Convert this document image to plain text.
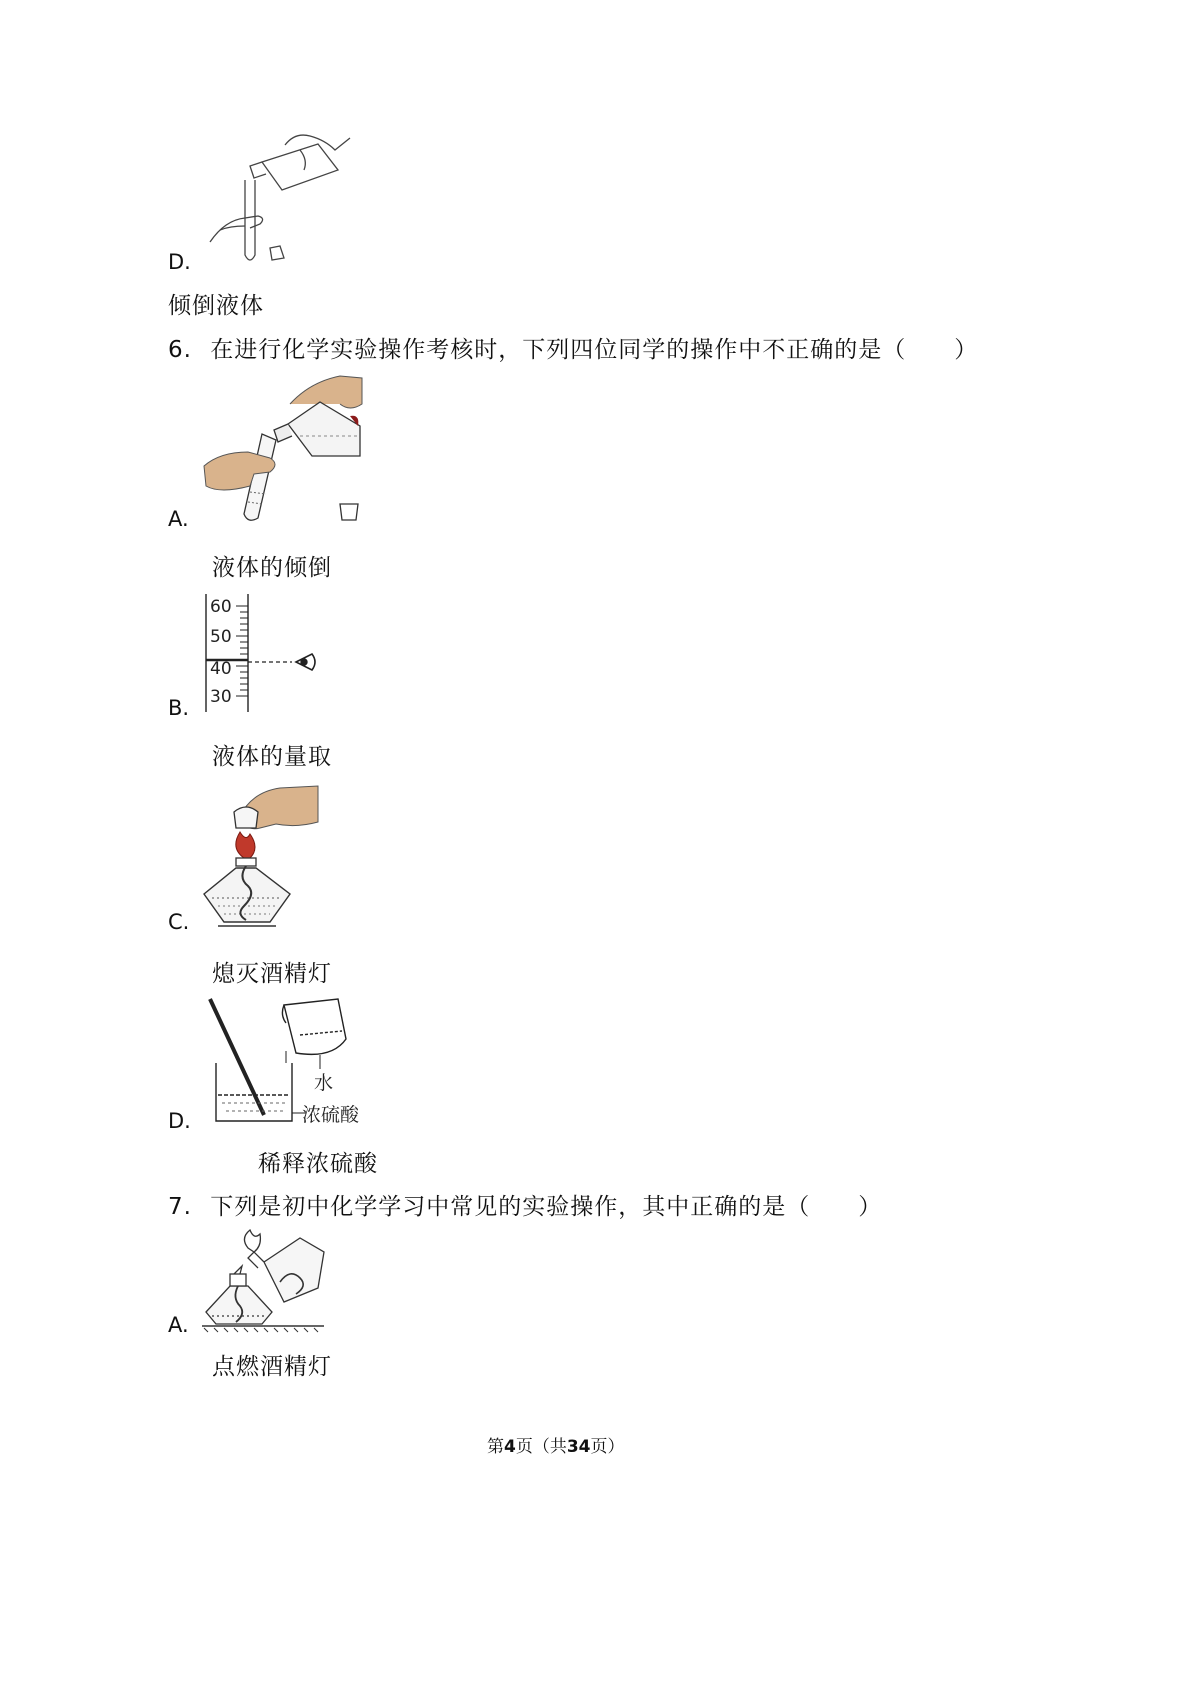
D.
倾倒液体
6. 在进行化学实验操作考核时，下列四位同学的操作中不正确的是（　　）
A.
液体的倾倒
60
50
40
30
B.
液体的量取
C.
熄灭酒精灯
水
浓硫酸
D.
稀释浓硫酸
7. 下列是初中化学学习中常见的实验操作，其中正确的是（　　）
A.
点燃酒精灯
第4页（共34页）
